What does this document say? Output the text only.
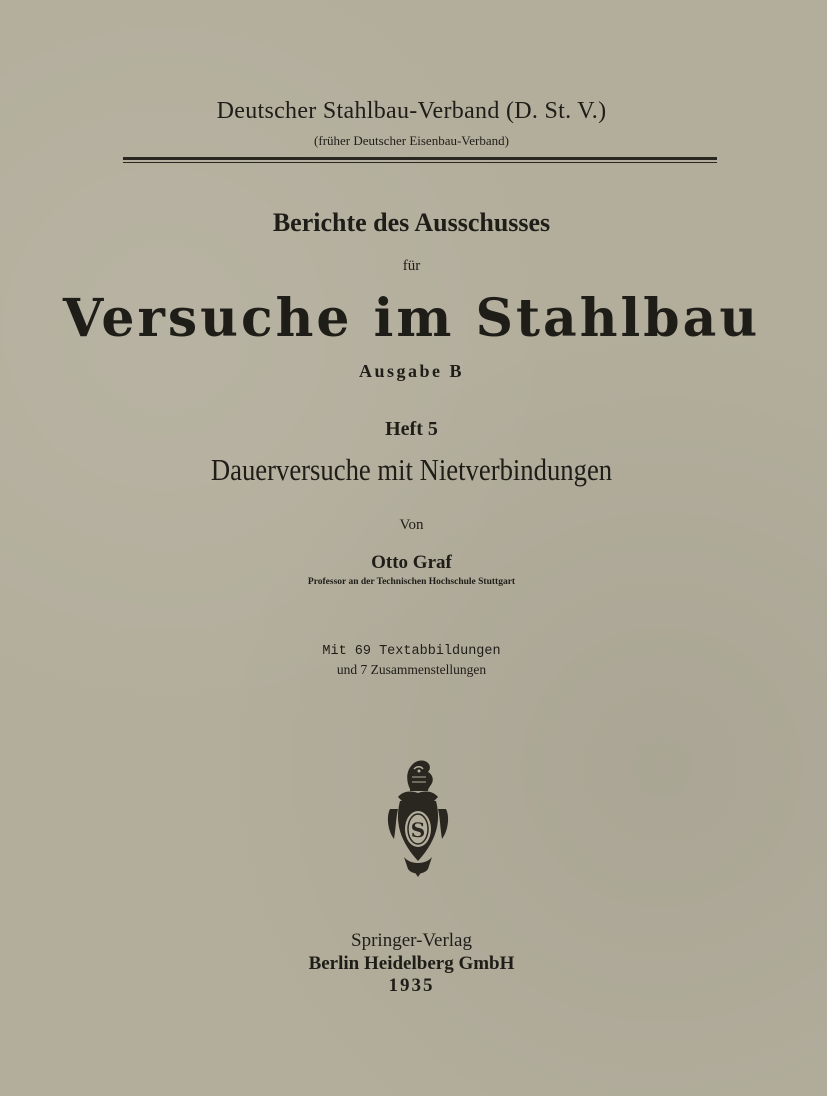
Deutscher Stahlbau-Verband (D. St. V.)
(früher Deutscher Eisenbau-Verband)
Berichte des Ausschusses
für
Versuche im Stahlbau
Ausgabe B
Heft 5
Dauerversuche mit Nietverbindungen
Von
Otto Graf
Professor an der Technischen Hochschule Stuttgart
Mit 69 Textabbildungen
und 7 Zusammenstellungen
S
Springer-Verlag
Berlin Heidelberg GmbH
1935
